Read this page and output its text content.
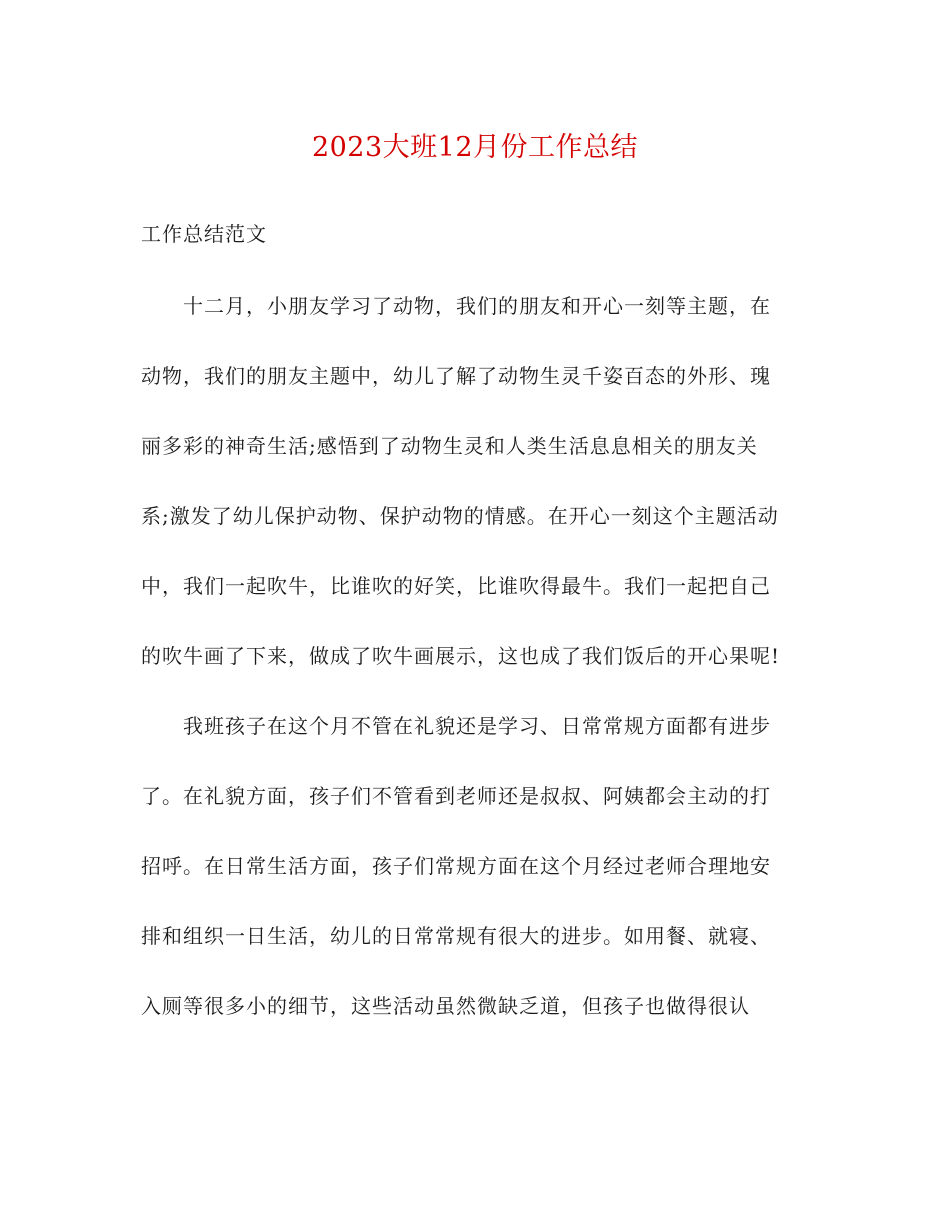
2023大班12月份工作总结
工作总结范文
十二月，小朋友学习了动物，我们的朋友和开心一刻等主题，在
动物，我们的朋友主题中，幼儿了解了动物生灵千姿百态的外形、瑰
丽多彩的神奇生活;感悟到了动物生灵和人类生活息息相关的朋友关
系;激发了幼儿保护动物、保护动物的情感。在开心一刻这个主题活动
中，我们一起吹牛，比谁吹的好笑，比谁吹得最牛。我们一起把自己
的吹牛画了下来，做成了吹牛画展示，这也成了我们饭后的开心果呢!
我班孩子在这个月不管在礼貌还是学习、日常常规方面都有进步
了。在礼貌方面，孩子们不管看到老师还是叔叔、阿姨都会主动的打
招呼。在日常生活方面，孩子们常规方面在这个月经过老师合理地安
排和组织一日生活，幼儿的日常常规有很大的进步。如用餐、就寝、
入厕等很多小的细节，这些活动虽然微缺乏道，但孩子也做得很认
